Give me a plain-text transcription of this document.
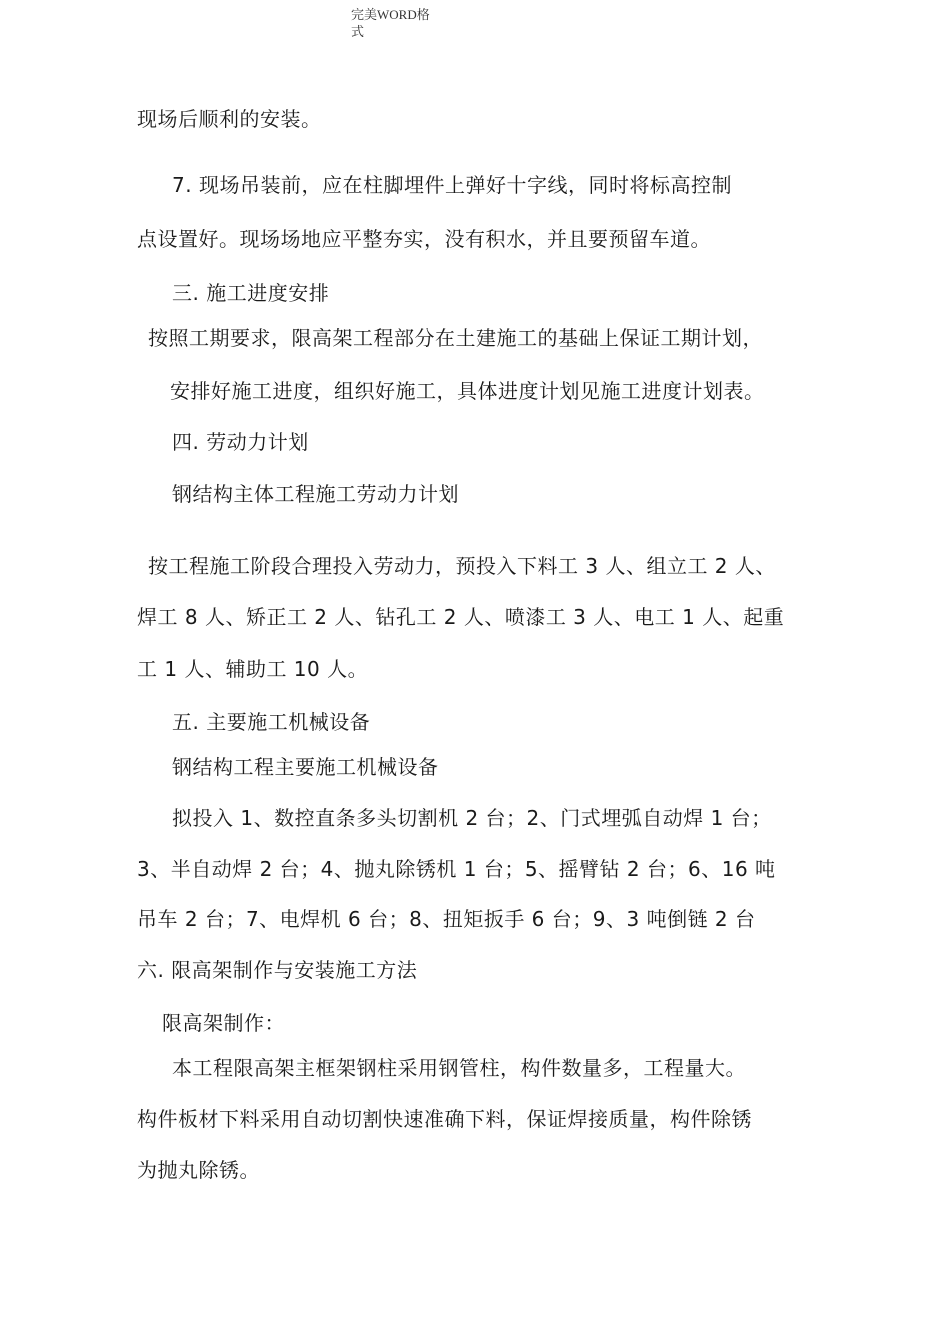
完美WORD格
式
现场后顺利的安装。
7. 现场吊装前，应在柱脚埋件上弹好十字线，同时将标高控制
点设置好。现场场地应平整夯实，没有积水，并且要预留车道。
三. 施工进度安排
按照工期要求，限高架工程部分在土建施工的基础上保证工期计划，
安排好施工进度，组织好施工，具体进度计划见施工进度计划表。
四. 劳动力计划
钢结构主体工程施工劳动力计划
按工程施工阶段合理投入劳动力，预投入下料工 3 人、组立工 2 人、
焊工 8 人、矫正工 2 人、钻孔工 2 人、喷漆工 3 人、电工 1 人、起重
工 1 人、辅助工 10 人。
五. 主要施工机械设备
钢结构工程主要施工机械设备
拟投入 1、数控直条多头切割机 2 台；2、门式埋弧自动焊 1 台；
3、半自动焊 2 台；4、抛丸除锈机 1 台；5、摇臂钻 2 台；6、16 吨
吊车 2 台；7、电焊机 6 台；8、扭矩扳手 6 台；9、3 吨倒链 2 台
六. 限高架制作与安装施工方法
限高架制作：
本工程限高架主框架钢柱采用钢管柱，构件数量多，工程量大。
构件板材下料采用自动切割快速准确下料，保证焊接质量，构件除锈
为抛丸除锈。
